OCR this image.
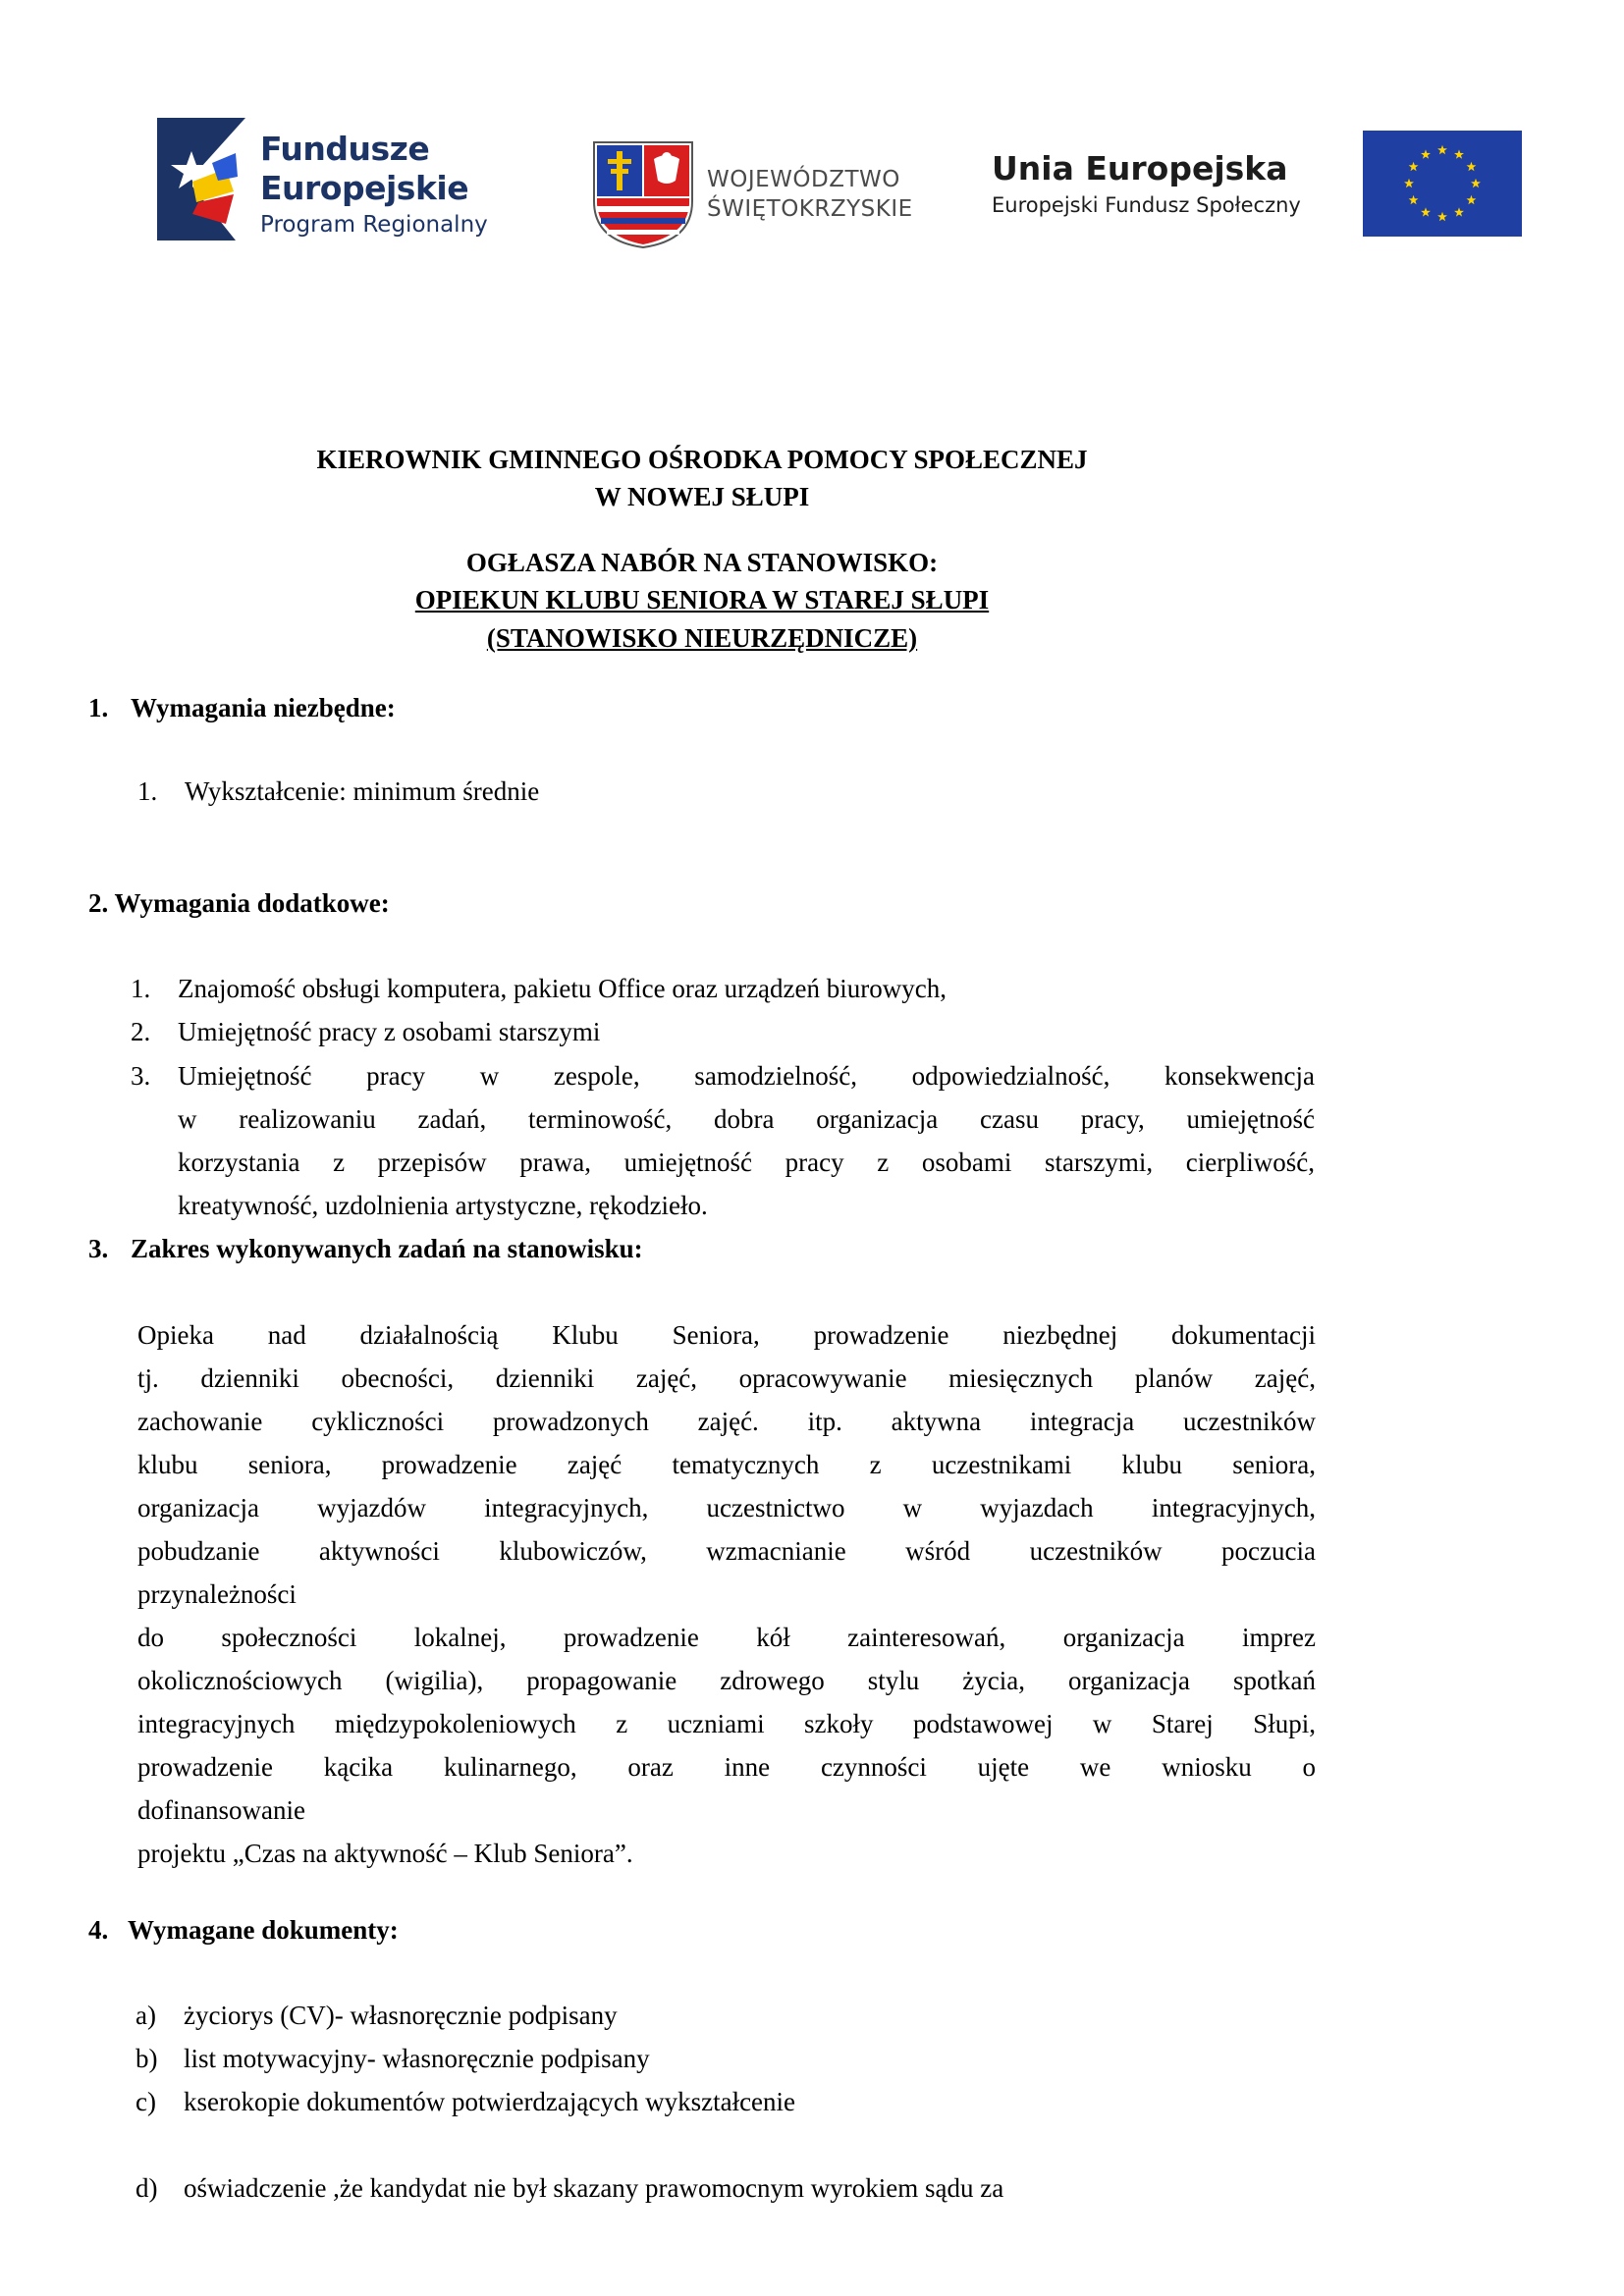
Fundusze
Europejskie
Program Regionalny
WOJEWÓDZTWO
ŚWIĘTOKRZYSKIE
Unia Europejska
Europejski Fundusz Społeczny
KIEROWNIK GMINNEGO OŚRODKA POMOCY SPOŁECZNEJ
W NOWEJ SŁUPI
OGŁASZA NABÓR NA STANOWISKO:
OPIEKUN KLUBU SENIORA W STAREJ SŁUPI
(STANOWISKO NIEURZĘDNICZE)
1. Wymagania niezbędne:
1. Wykształcenie: minimum średnie
2. Wymagania dodatkowe:
1. Znajomość obsługi komputera, pakietu Office oraz urządzeń biurowych,
2. Umiejętność pracy z osobami starszymi
3. Umiejętność pracy w zespole, samodzielność, odpowiedzialność, konsekwencja
w realizowaniu zadań, terminowość, dobra organizacja czasu pracy, umiejętność
korzystania z przepisów prawa, umiejętność pracy z osobami starszymi, cierpliwość,
kreatywność, uzdolnienia artystyczne, rękodzieło.
3. Zakres wykonywanych zadań na stanowisku:
Opieka nad działalnością Klubu Seniora, prowadzenie niezbędnej dokumentacji
tj. dzienniki obecności, dzienniki zajęć, opracowywanie miesięcznych planów zajęć,
zachowanie cykliczności prowadzonych zajęć. itp. aktywna integracja uczestników
klubu seniora, prowadzenie zajęć tematycznych z uczestnikami klubu seniora,
organizacja wyjazdów integracyjnych, uczestnictwo w wyjazdach integracyjnych,
pobudzanie aktywności klubowiczów, wzmacnianie wśród uczestników poczucia
przynależności
do społeczności lokalnej, prowadzenie kół zainteresowań, organizacja imprez
okolicznościowych (wigilia), propagowanie zdrowego stylu życia, organizacja spotkań
integracyjnych międzypokoleniowych z uczniami szkoły podstawowej w Starej Słupi,
prowadzenie kącika kulinarnego, oraz inne czynności ujęte we wniosku o
dofinansowanie
projektu „Czas na aktywność – Klub Seniora”.
4. Wymagane dokumenty:
a) życiorys (CV)- własnoręcznie podpisany
b) list motywacyjny- własnoręcznie podpisany
c) kserokopie dokumentów potwierdzających wykształcenie
d) oświadczenie ,że kandydat nie był skazany prawomocnym wyrokiem sądu za
